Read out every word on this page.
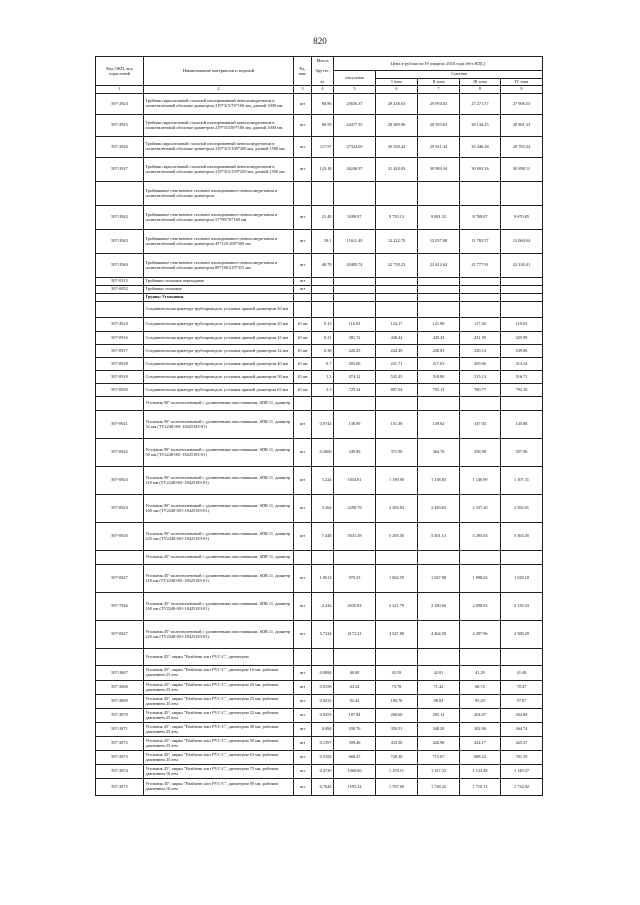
820
Код ОКП, код отраслевой	Наименование материалов и изделий	Ед. изм.	Масса

брутто,

кг	Цена в рублях на IV квартал 2016 года (без НДС)				
				отпускная	Сметная			
					I зона	II зона	III зона	IV зона
1	2	3	4	5	6	7	8	9
507-2924	Тройник параллельный стальной изолированный пенополиуретаном в полиэтиленовой оболочке диаметром 219*315/76*160 мм, длиной 1000 мм	шт	68.86	25636.37	29 438.63	29 994.63	27 271.57	27 906.53
507-2925	Тройник параллельный стальной изолированный пенополиуретаном в полиэтиленовой оболочке диаметром 219*315/89*180 мм, длиной 1000 мм	шт	69.59	24477.35	28 389.96	28 593.63	28 144.25	28 861.33
507-2926	Тройник параллельный стальной изолированный пенополиуретаном в полиэтиленовой оболочке диаметром 219*315/108*200 мм, длиной 1500 мм	шт	117.97	27324.65	30 330.42	29 921.44	29 446.38	29 783.34
507-2927	Тройник параллельный стальной изолированный пенополиуретаном в полиэтиленовой оболочке диаметром 219*315/159*250 мм, длиной 1500 мм	шт	123.18	26246.97	31 420.03	30 989.34	30 693.36	30 898.11
	Тройниковое ответвление стальное изолированное пенополиуретаном в полиэтиленовой оболочке диаметром							
507-2942	Тройниковое ответвление стальное изолированное пенополиуретаном в полиэтиленовой оболочке диаметром 57*89/76*160 мм	шт	21.48	9289.97	9 735.13	9 681.52	8 768.67	9 670.85
507-2943	Тройниковое ответвление стальное изолированное пенополиуретаном в полиэтиленовой оболочке диаметром 45*125/108*200 мм	шт	29.1	11611.49	12 222.70	12 057.98	11 765.57	12 060.04
507-2944	Тройниковое ответвление стальное изолированное пенополиуретаном в полиэтиленовой оболочке диаметром 89*180/219*315 мм	шт	48.78	20485.74	22 739.23	22 412.62	21 777.91	22 330.41
507-0313	Тройники стальные переходные	шт						
507-0052	Тройники стальные	шт						
	Группа: Угольники							
	Соединительная арматура трубопроводов: угольник прямой диаметром 20 мм							
507-4914	Соединительная арматура трубопроводов: угольник прямой диаметром 20 мм	10 шт	0.13	116.92	124.17	121.88	117.26	119.63
507-0916	Соединительная арматура трубопроводов: угольник прямой диаметром 25 мм	10 шт	0.21	381.72	438.42	445.43	431.59	425.99
507-0917	Соединительная арматура трубопроводов: угольник прямой диаметром 32 мм	10 шт	0.38	226.25	244.49	240.83	230.14	239.86
507-0918	Соединительная арматура трубопроводов: угольник прямой диаметром 40 мм	10 шт	0.7	203.00	221.71	217.63	209.06	213.54
507-0919	Соединительная арматура трубопроводов: угольник прямой диаметром 50 мм	10 шт	1.3	474.12	535.45	518.80	515.13	516.71
507-0920	Соединительная арматура трубопроводов: угольник прямой диаметром 63 мм	10 шт	2.3	729.34	807.04	795.13	760.77	792.16
	Угольник 90° полиэтиленовый с удлиненными хвостовиками, SDR 11, диаметр							
507-0921	Угольник 90° полиэтиленовый с удлиненными хвостовиками, SDR 11, диаметр 32 мм (ТУ2248-001-18425183-01)	шт	0.0744	138.89	151.38	149.62	147.04	145.88
507-0922	Угольник 90° полиэтиленовый с удлиненными хвостовиками, SDR 11, диаметр 50 мм (ТУ2248-001-18425183-01)	шт	0.2606	349.89	371.96	364.76	358.98	357.96
507-0923	Угольник 90° полиэтиленовый с удлиненными хвостовиками, SDR 11, диаметр 110 мм (ТУ2248-001-18425183-01)	шт	1.224	1054.91	1 189.90	1 138.83	1 146.99	1 107.31
507-0924	Угольник 90° полиэтиленовый с удлиненными хвостовиками, SDR 11, диаметр 160 мм (ТУ2248-001-18425183-01)	шт	3.264	2298.78	2 394.83	2 449.65	2 337.20	2 392.91
507-0926	Угольник 90° полиэтиленовый с удлиненными хвостовиками, SDR 11, диаметр 225 мм (ТУ2248-001-18425183-01)	шт	7.448	5031.38	5 293.56	5 491.13	5 295.04	5 363.45
	Угольник 45° полиэтиленовый с удлиненными хвостовиками, SDR 11, диаметр							
507-0927	Угольник 45° полиэтиленовый с удлиненными хвостовиками, SDR 11, диаметр 110 мм (ТУ2248-001-18425183-01)	шт	1.0612	979.33	1 062.59	1 047.98	1 998.62	1 028.18
507-7926	Угольник 45° полиэтиленовый с удлиненными хвостовиками, SDR 11, диаметр 160 мм (ТУ2248-001-18425183-01)	шт	2.244	2035.94	2 221.79	2 180.66	2 098.03	2 139.33
507-0927	Угольник 45° полиэтиленовый с удлиненными хвостовиками, SDR 11, диаметр 225 мм (ТУ2248-001-18425183-03)	шт	5.7324	4172.31	4 547.80	4 464.50	4 297.96	4 380.29
	Угольник 45°, марка "Friatherm starr PVC-C", диаметром							
507-2867	Угольник 45°, марка "Friatherm starr PVC-C", диаметром 16 мм, рабочим давлением 25 атм	шт	0.0084	40.00	43.59	42.81	41.29	41.48
507-2868	Угольник 45°, марка "Friatherm starr PVC-C", диаметром 20 мм, рабочим давлением 25 атм	шт	0.0158	64.34	73.78	71.42	68.72	70.47
507-2869	Угольник 45°, марка "Friatherm starr PVC-C", диаметром 25 мм, рабочим давлением 25 атм	шт	0.0233	92.44	100.76	98.04	95.20	97.87
507-2870	Угольник 45°, марка "Friatherm starr PVC-C", диаметром 32 мм, рабочим давлением 25 атм	шт	0.0453	187.84	206.60	205.14	204.07	204.88
507-2871	Угольник 45°, марка "Friatherm starr PVC-C", диаметром 40 мм, рабочим давлением 25 атм	шт	0.084	330.76	350.51	348.20	302.96	364.74
507-2872	Угольник 45°, марка "Friatherm starr PVC-C", диаметром 50 мм, рабочим давлением 25 атм	шт	0.1397	399.46	433.38	426.98	424.17	425.37
507-2873	Угольник 45°, марка "Friatherm starr PVC-C", диаметром 63 мм, рабочим давлением 25 атм	шт	0.3182	668.25	728.30	715.07	688.22	701.59
507-2874	Угольник 45°, марка "Friatherm starr PVC-C", диаметром 75 мм, рабочим давлением 16 атм	шт	0.4729	1060.66	1 159.11	1 147.33	1 123.48	1 149.27
507-2875	Угольник 45°, марка "Friatherm starr PVC-C", диаметром 90 мм, рабочим давлением 16 атм	шт	0.7644	1593.34	1 767.69	1 748.42	1 710.13	1 734.92
